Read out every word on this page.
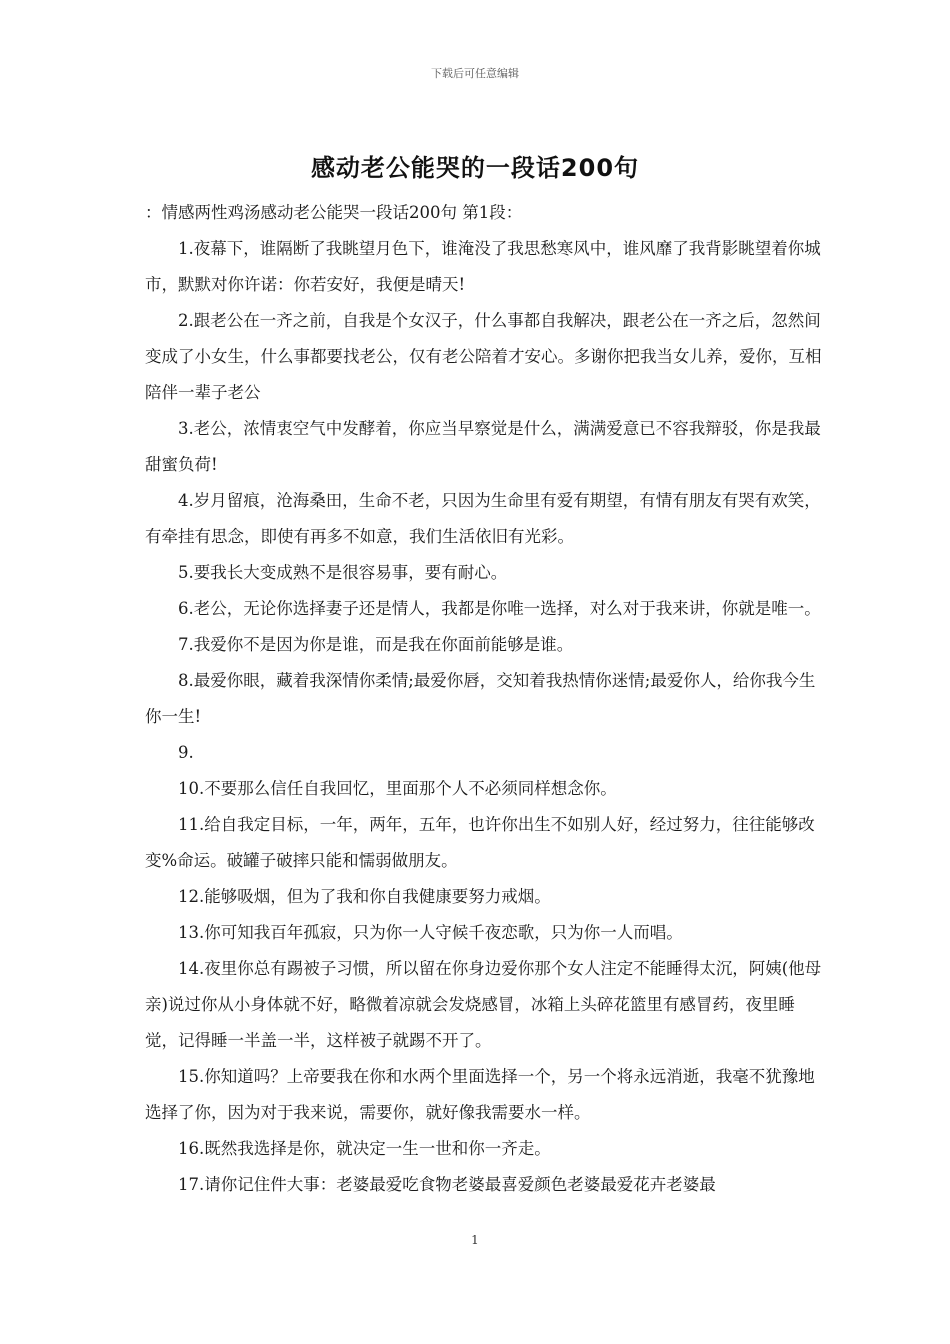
下载后可任意编辑
感动老公能哭的一段话200句

：情感两性鸡汤感动老公能哭一段话200句 第1段：

1.夜幕下，谁隔断了我眺望月色下，谁淹没了我思愁寒风中，谁风靡了我背影眺望着你城市，默默对你许诺：你若安好，我便是晴天!

2.跟老公在一齐之前，自我是个女汉子，什么事都自我解决，跟老公在一齐之后，忽然间变成了小女生，什么事都要找老公，仅有老公陪着才安心。多谢你把我当女儿养，爱你，互相陪伴一辈子老公

3.老公，浓情衷空气中发酵着，你应当早察觉是什么，满满爱意已不容我辩驳，你是我最甜蜜负荷!

4.岁月留痕，沧海桑田，生命不老，只因为生命里有爱有期望，有情有朋友有哭有欢笑，有牵挂有思念，即使有再多不如意，我们生活依旧有光彩。

5.要我长大变成熟不是很容易事，要有耐心。

6.老公，无论你选择妻子还是情人，我都是你唯一选择，对么对于我来讲，你就是唯一。

7.我爱你不是因为你是谁，而是我在你面前能够是谁。

8.最爱你眼，藏着我深情你柔情;最爱你唇，交知着我热情你迷情;最爱你人，给你我今生你一生!

9.

10.不要那么信任自我回忆，里面那个人不必须同样想念你。

11.给自我定目标，一年，两年，五年，也许你出生不如别人好，经过努力，往往能够改变%命运。破罐子破摔只能和懦弱做朋友。

12.能够吸烟，但为了我和你自我健康要努力戒烟。

13.你可知我百年孤寂，只为你一人守候千夜恋歌，只为你一人而唱。

14.夜里你总有踢被子习惯，所以留在你身边爱你那个女人注定不能睡得太沉，阿姨(他母亲)说过你从小身体就不好，略微着凉就会发烧感冒，冰箱上头碎花篮里有感冒药，夜里睡觉，记得睡一半盖一半，这样被子就踢不开了。

15.你知道吗？上帝要我在你和水两个里面选择一个，另一个将永远消逝，我毫不犹豫地选择了你，因为对于我来说，需要你，就好像我需要水一样。

16.既然我选择是你，就决定一生一世和你一齐走。

17.请你记住件大事：老婆最爱吃食物老婆最喜爱颜色老婆最爱花卉老婆最

1
